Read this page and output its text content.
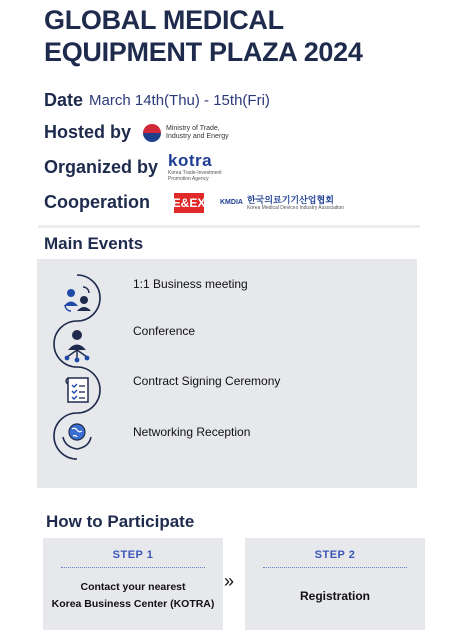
GLOBAL MEDICAL
EQUIPMENT PLAZA 2024
Date March 14th(Thu) - 15th(Fri)
Hosted by	Ministry of Trade,
Industry and Energy
Organized by kotra
Korea Trade-Investment
Promotion Agency
Cooperation E&EX KMDIA 한국의료기기산업협회
Korea Medical Devices Industry Association
Main Events
1:1 Business meeting
Conference
Contract Signing Ceremony
Networking Reception
How to Participate
STEP 1
Contact your nearest
Korea Business Center (KOTRA)
»
STEP 2
Registration
